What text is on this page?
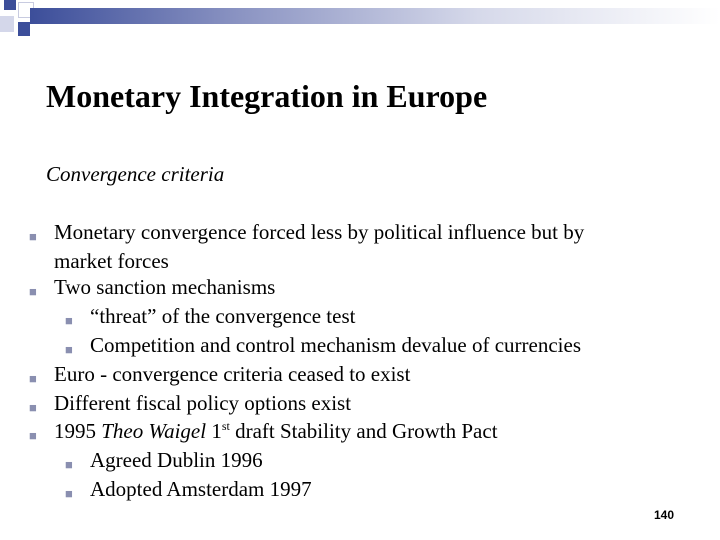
Monetary Integration in Europe
Convergence criteria
■ Monetary convergence forced less by political influence but by
market forces
■ Two sanction mechanisms
■ “threat” of the convergence test
■ Competition and control mechanism devalue of currencies
■ Euro - convergence criteria ceased to exist
■ Different fiscal policy options exist
■ 1995 Theo Waigel 1st draft Stability and Growth Pact
■ Agreed Dublin 1996
■ Adopted Amsterdam 1997
140
